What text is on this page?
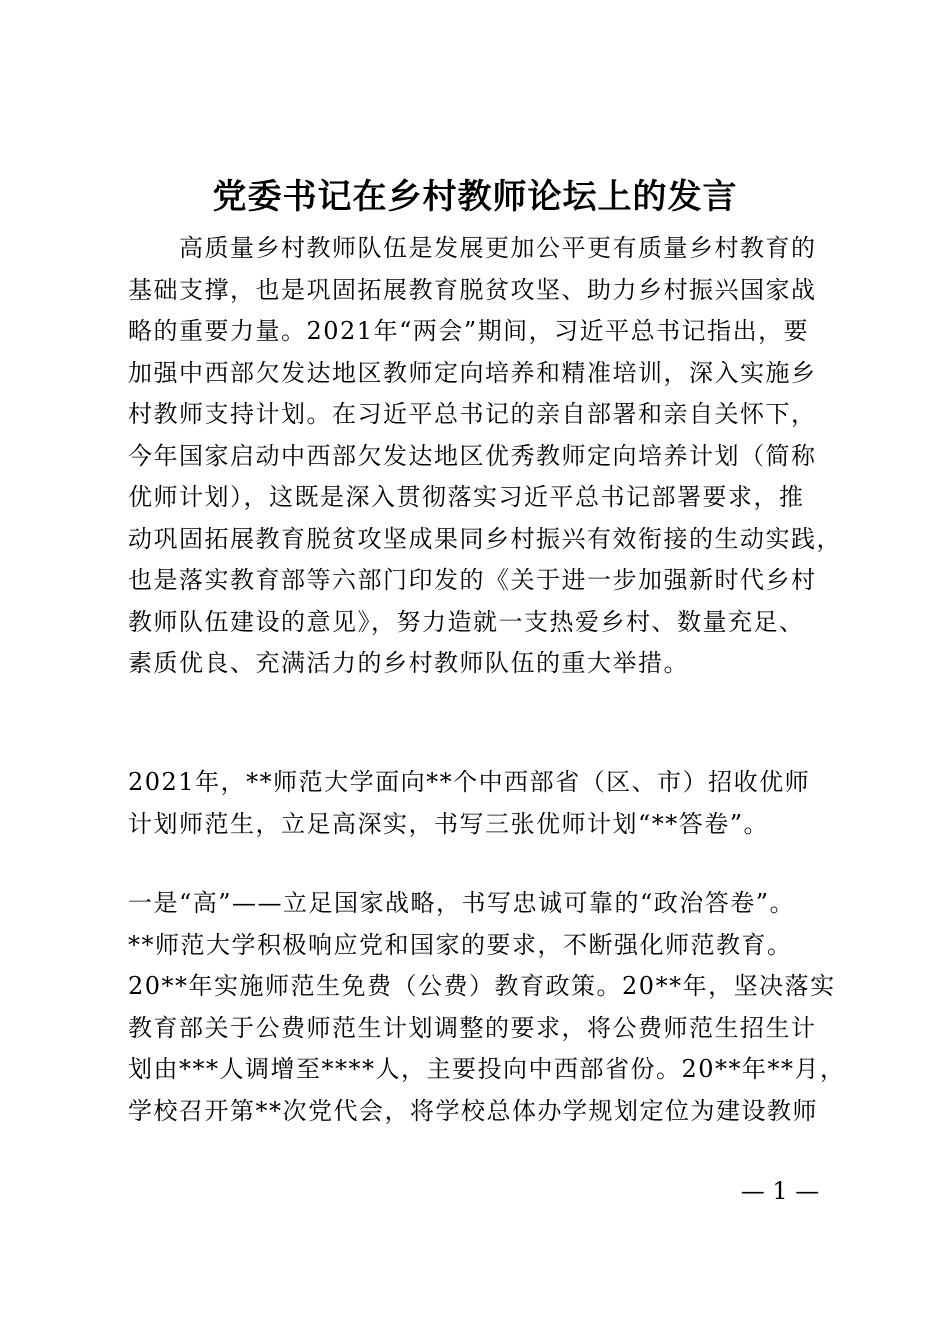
党委书记在乡村教师论坛上的发言
　　高质量乡村教师队伍是发展更加公平更有质量乡村教育的
基础支撑，也是巩固拓展教育脱贫攻坚、助力乡村振兴国家战
略的重要力量。2021年“两会”期间，习近平总书记指出，要
加强中西部欠发达地区教师定向培养和精准培训，深入实施乡
村教师支持计划。在习近平总书记的亲自部署和亲自关怀下，
今年国家启动中西部欠发达地区优秀教师定向培养计划（简称
优师计划），这既是深入贯彻落实习近平总书记部署要求，推
动巩固拓展教育脱贫攻坚成果同乡村振兴有效衔接的生动实践，
也是落实教育部等六部门印发的《关于进一步加强新时代乡村
教师队伍建设的意见》，努力造就一支热爱乡村、数量充足、
素质优良、充满活力的乡村教师队伍的重大举措。
2021年，**师范大学面向**个中西部省（区、市）招收优师
计划师范生，立足高深实，书写三张优师计划“**答卷”。
一是“高”——立足国家战略，书写忠诚可靠的“政治答卷”。
**师范大学积极响应党和国家的要求，不断强化师范教育。
20**年实施师范生免费（公费）教育政策。20**年，坚决落实
教育部关于公费师范生计划调整的要求，将公费师范生招生计
划由***人调增至****人，主要投向中西部省份。20**年**月，
学校召开第**次党代会，将学校总体办学规划定位为建设教师
— 1 —
